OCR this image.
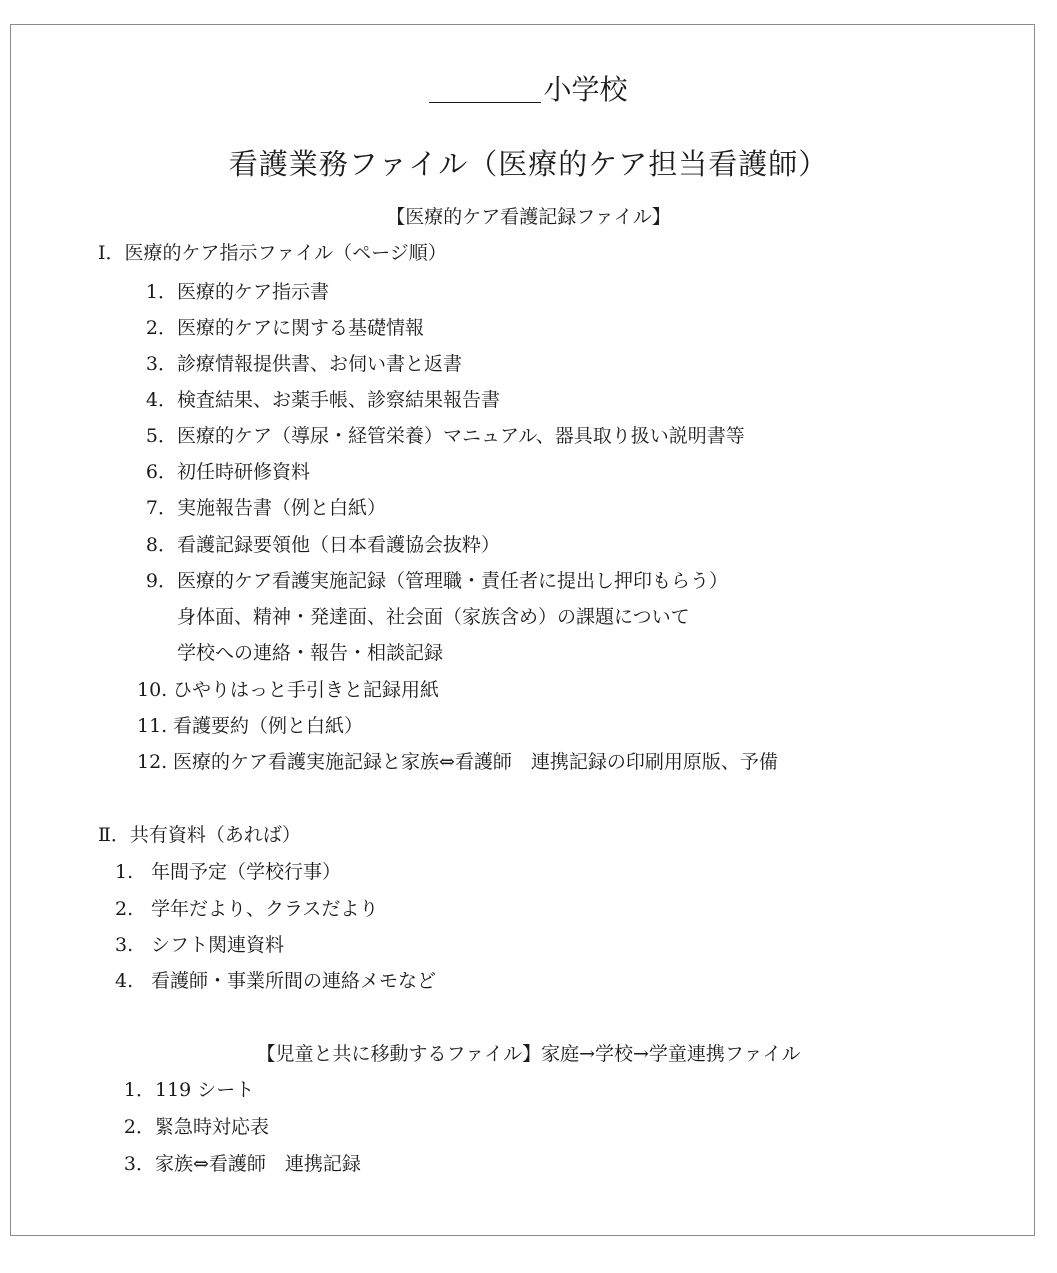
小学校
看護業務ファイル（医療的ケア担当看護師）
【医療的ケア看護記録ファイル】
Ⅰ．医療的ケア指示ファイル（ページ順）
1．医療的ケア指示書
2．医療的ケアに関する基礎情報
3．診療情報提供書、お伺い書と返書
4．検査結果、お薬手帳、診察結果報告書
5．医療的ケア（導尿・経管栄養）マニュアル、器具取り扱い説明書等
6．初任時研修資料
7．実施報告書（例と白紙）
8．看護記録要領他（日本看護協会抜粋）
9．医療的ケア看護実施記録（管理職・責任者に提出し押印もらう）
身体面、精神・発達面、社会面（家族含め）の課題について
学校への連絡・報告・相談記録
10. ひやりはっと手引きと記録用紙
11. 看護要約（例と白紙）
12. 医療的ケア看護実施記録と家族⇔看護師　連携記録の印刷用原版、予備
Ⅱ．共有資料（あれば）
1. 年間予定（学校行事）
2. 学年だより、クラスだより
3. シフト関連資料
4. 看護師・事業所間の連絡メモなど
【児童と共に移動するファイル】家庭→学校→学童連携ファイル
1．119 シート
2．緊急時対応表
3．家族⇔看護師　連携記録
